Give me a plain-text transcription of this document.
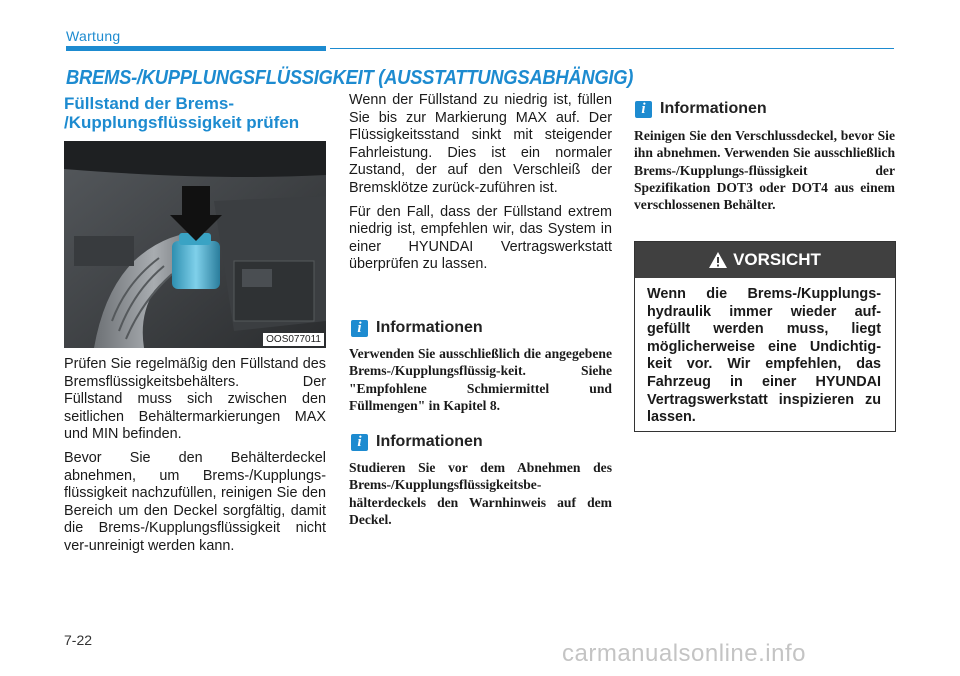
Wartung
BREMS-/KUPPLUNGSFLÜSSIGKEIT (AUSSTATTUNGSABHÄNGIG)
Füllstand der Brems-
/Kupplungsflüssigkeit prüfen
OOS077011

Prüfen Sie regelmäßig den Füllstand des Bremsflüssigkeitsbehälters. Der Füllstand muss sich zwischen den seitlichen Behältermarkierungen MAX und MIN befinden.

Bevor Sie den Behälterdeckel abnehmen, um Brems-/Kupplungs-flüssigkeit nachzufüllen, reinigen Sie den Bereich um den Deckel sorgfältig, damit die Brems-/Kupplungsflüssigkeit nicht ver-unreinigt werden kann.

Wenn der Füllstand zu niedrig ist, füllen Sie bis zur Markierung MAX auf. Der Flüssigkeitsstand sinkt mit steigender Fahrleistung. Dies ist ein normaler Zustand, der auf den Verschleiß der Bremsklötze zurück-zuführen ist.

Für den Fall, dass der Füllstand extrem niedrig ist, empfehlen wir, das System in einer HYUNDAI Vertragswerkstatt überprüfen zu lassen.

i Informationen
Verwenden Sie ausschließlich die angegebene Brems-/Kupplungsflüssig-keit. Siehe "Empfohlene Schmiermittel und Füllmengen" in Kapitel 8.
i Informationen
Studieren Sie vor dem Abnehmen des Brems-/Kupplungsflüssigkeitsbe-hälterdeckels den Warnhinweis auf dem Deckel.
i Informationen
Reinigen Sie den Verschlussdeckel, bevor Sie ihn abnehmen. Verwenden Sie ausschließlich Brems-/Kupplungs-flüssigkeit der Spezifikation DOT3 oder DOT4 aus einem verschlossenen Behälter.
VORSICHT
Wenn die Brems-/Kupplungs-hydraulik immer wieder auf-gefüllt werden muss, liegt möglicherweise eine Undichtig-keit vor. Wir empfehlen, das Fahrzeug in einer HYUNDAI Vertragswerkstatt inspizieren zu lassen.
7-22	carmanualsonline.info
